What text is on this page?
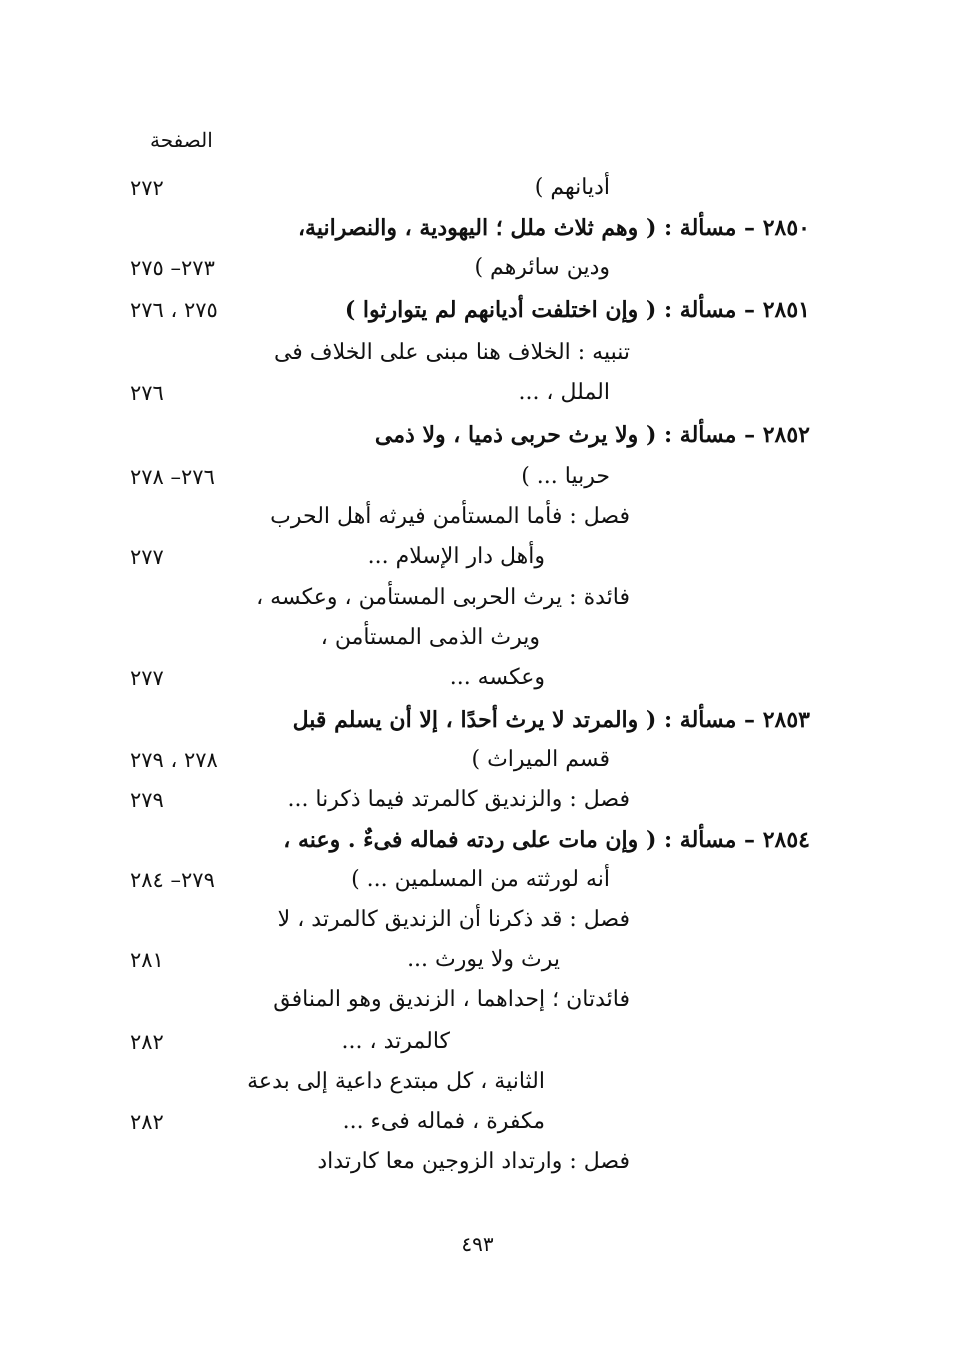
الصفحة
أديانهم )
٢٧٢
٢٨٥٠ – مسألة : ( وهم ثلاث ملل ؛ اليهودية ، والنصرانية،
ودين سائرهم )
٢٧٣– ٢٧٥
٢٨٥١ – مسألة : ( وإن اختلفت أديانهم لم يتوارثوا )
٢٧٥ ، ٢٧٦
تنبيه : الخلاف هنا مبنى على الخلاف فى
الملل ، ...
٢٧٦
٢٨٥٢ – مسألة : ( ولا يرث حربى ذميا ، ولا ذمى
حربيا ... )
٢٧٦– ٢٧٨
فصل : فأما المستأمن فيرثه أهل الحرب
وأهل دار الإسلام ...
٢٧٧
فائدة : يرث الحربى المستأمن ، وعكسه ،
ويرث الذمى المستأمن ،
وعكسه ...
٢٧٧
٢٨٥٣ – مسألة : ( والمرتد لا يرث أحدًا ، إلا أن يسلم قبل
قسم الميراث )
٢٧٨ ، ٢٧٩
فصل : والزنديق كالمرتد فيما ذكرنا ...
٢٧٩
٢٨٥٤ – مسألة : ( وإن مات على ردته فماله فىءٌ . وعنه ،
أنه لورثته من المسلمين ... )
٢٧٩– ٢٨٤
فصل : قد ذكرنا أن الزنديق كالمرتد ، لا
يرث ولا يورث ...
٢٨١
فائدتان ؛ إحداهما ، الزنديق وهو المنافق
كالمرتد ، ...
٢٨٢
الثانية ، كل مبتدع داعية إلى بدعة
مكفرة ، فماله فىء ...
٢٨٢
فصل : وارتداد الزوجين معا كارتداد
٤٩٣
